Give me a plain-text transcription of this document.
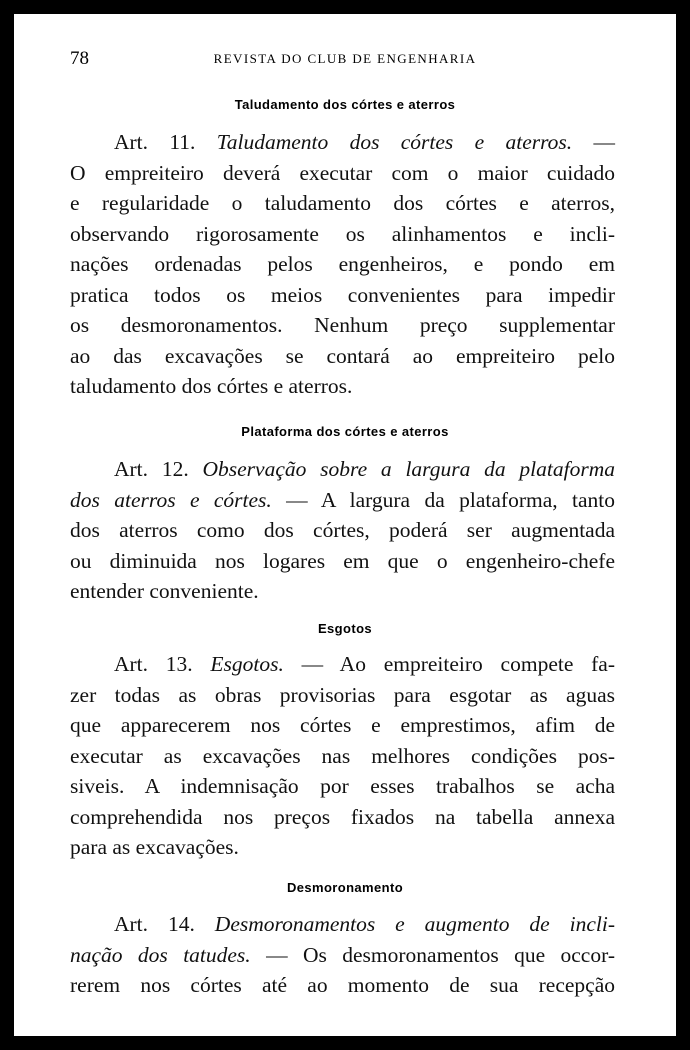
78	REVISTA DO CLUB DE ENGENHARIA
Taludamento dos córtes e aterros
Art. 11. Taludamento dos córtes e aterros. —
O empreiteiro deverá executar com o maior cuidado
e regularidade o taludamento dos córtes e aterros,
observando rigorosamente os alinhamentos e incli-
nações ordenadas pelos engenheiros, e pondo em
pratica todos os meios convenientes para impedir
os desmoronamentos. Nenhum preço supplementar
ao das excavações se contará ao empreiteiro pelo
taludamento dos córtes e aterros.
Plataforma dos córtes e aterros
Art. 12. Observação sobre a largura da plataforma
dos aterros e córtes. — A largura da plataforma, tanto
dos aterros como dos córtes, poderá ser augmentada
ou diminuida nos logares em que o engenheiro-chefe
entender conveniente.
Esgotos
Art. 13. Esgotos. — Ao empreiteiro compete fa-
zer todas as obras provisorias para esgotar as aguas
que apparecerem nos córtes e emprestimos, afim de
executar as excavações nas melhores condições pos-
siveis. A indemnisação por esses trabalhos se acha
comprehendida nos preços fixados na tabella annexa
para as excavações.
Desmoronamento
Art. 14. Desmoronamentos e augmento de incli-
nação dos tatudes. — Os desmoronamentos que occor-
rerem nos córtes até ao momento de sua recepção
